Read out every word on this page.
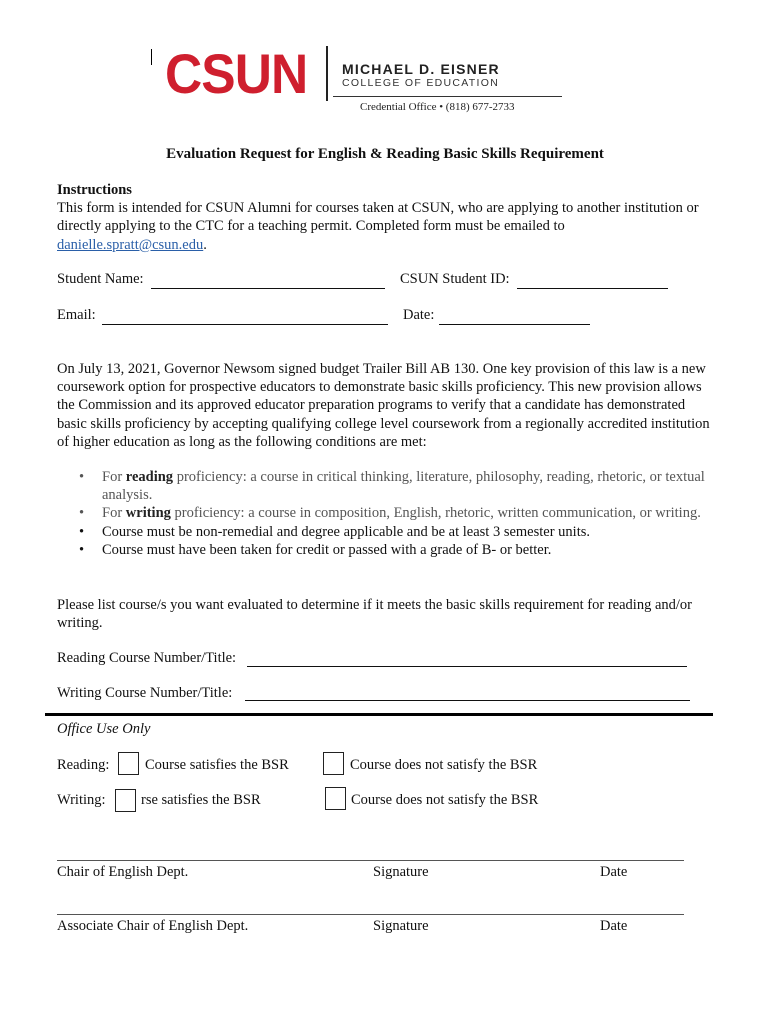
CSUN MICHAEL D. EISNER
COLLEGE OF EDUCATION
Credential Office • (818) 677-2733
Evaluation Request for English & Reading Basic Skills Requirement
Instructions
This form is intended for CSUN Alumni for courses taken at CSUN, who are applying to another institution or directly applying to the CTC for a teaching permit. Completed form must be emailed to danielle.spratt@csun.edu.
Student Name:	CSUN Student ID:
Email:	Date:
On July 13, 2021, Governor Newsom signed budget Trailer Bill AB 130. One key provision of this law is a new coursework option for prospective educators to demonstrate basic skills proficiency. This new provision allows the Commission and its approved educator preparation programs to verify that a candidate has demonstrated basic skills proficiency by accepting qualifying college level coursework from a regionally accredited institution of higher education as long as the following conditions are met:
• For reading proficiency: a course in critical thinking, literature, philosophy, reading, rhetoric, or textual analysis.
• For writing proficiency: a course in composition, English, rhetoric, written communication, or writing.
• Course must be non-remedial and degree applicable and be at least 3 semester units.
• Course must have been taken for credit or passed with a grade of B- or better.
Please list course/s you want evaluated to determine if it meets the basic skills requirement for reading and/or writing.
Reading Course Number/Title:
Writing Course Number/Title:
Office Use Only
Reading: Course satisfies the BSR	Course does not satisfy the BSR
Writing: rse satisfies the BSR	Course does not satisfy the BSR
Chair of English Dept.	Signature	Date
Associate Chair of English Dept.	Signature	Date
